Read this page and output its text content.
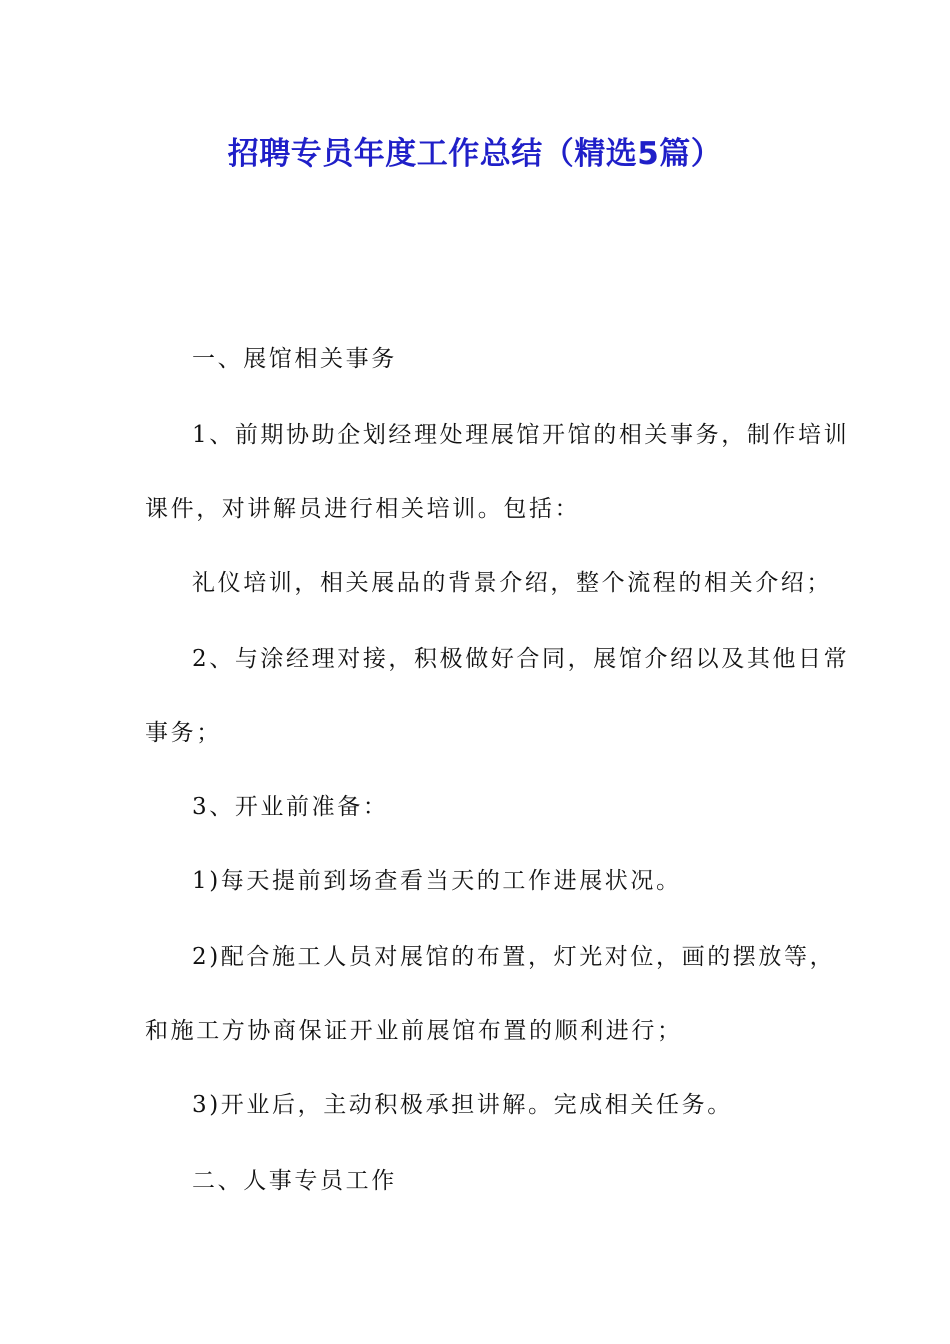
招聘专员年度工作总结（精选5篇）

一、展馆相关事务

1、前期协助企划经理处理展馆开馆的相关事务，制作培训

课件，对讲解员进行相关培训。包括：

礼仪培训，相关展品的背景介绍，整个流程的相关介绍；

2、与涂经理对接，积极做好合同，展馆介绍以及其他日常

事务；

3、开业前准备：

1)每天提前到场查看当天的工作进展状况。

2)配合施工人员对展馆的布置，灯光对位，画的摆放等，

和施工方协商保证开业前展馆布置的顺利进行；

3)开业后，主动积极承担讲解。完成相关任务。

二、人事专员工作
